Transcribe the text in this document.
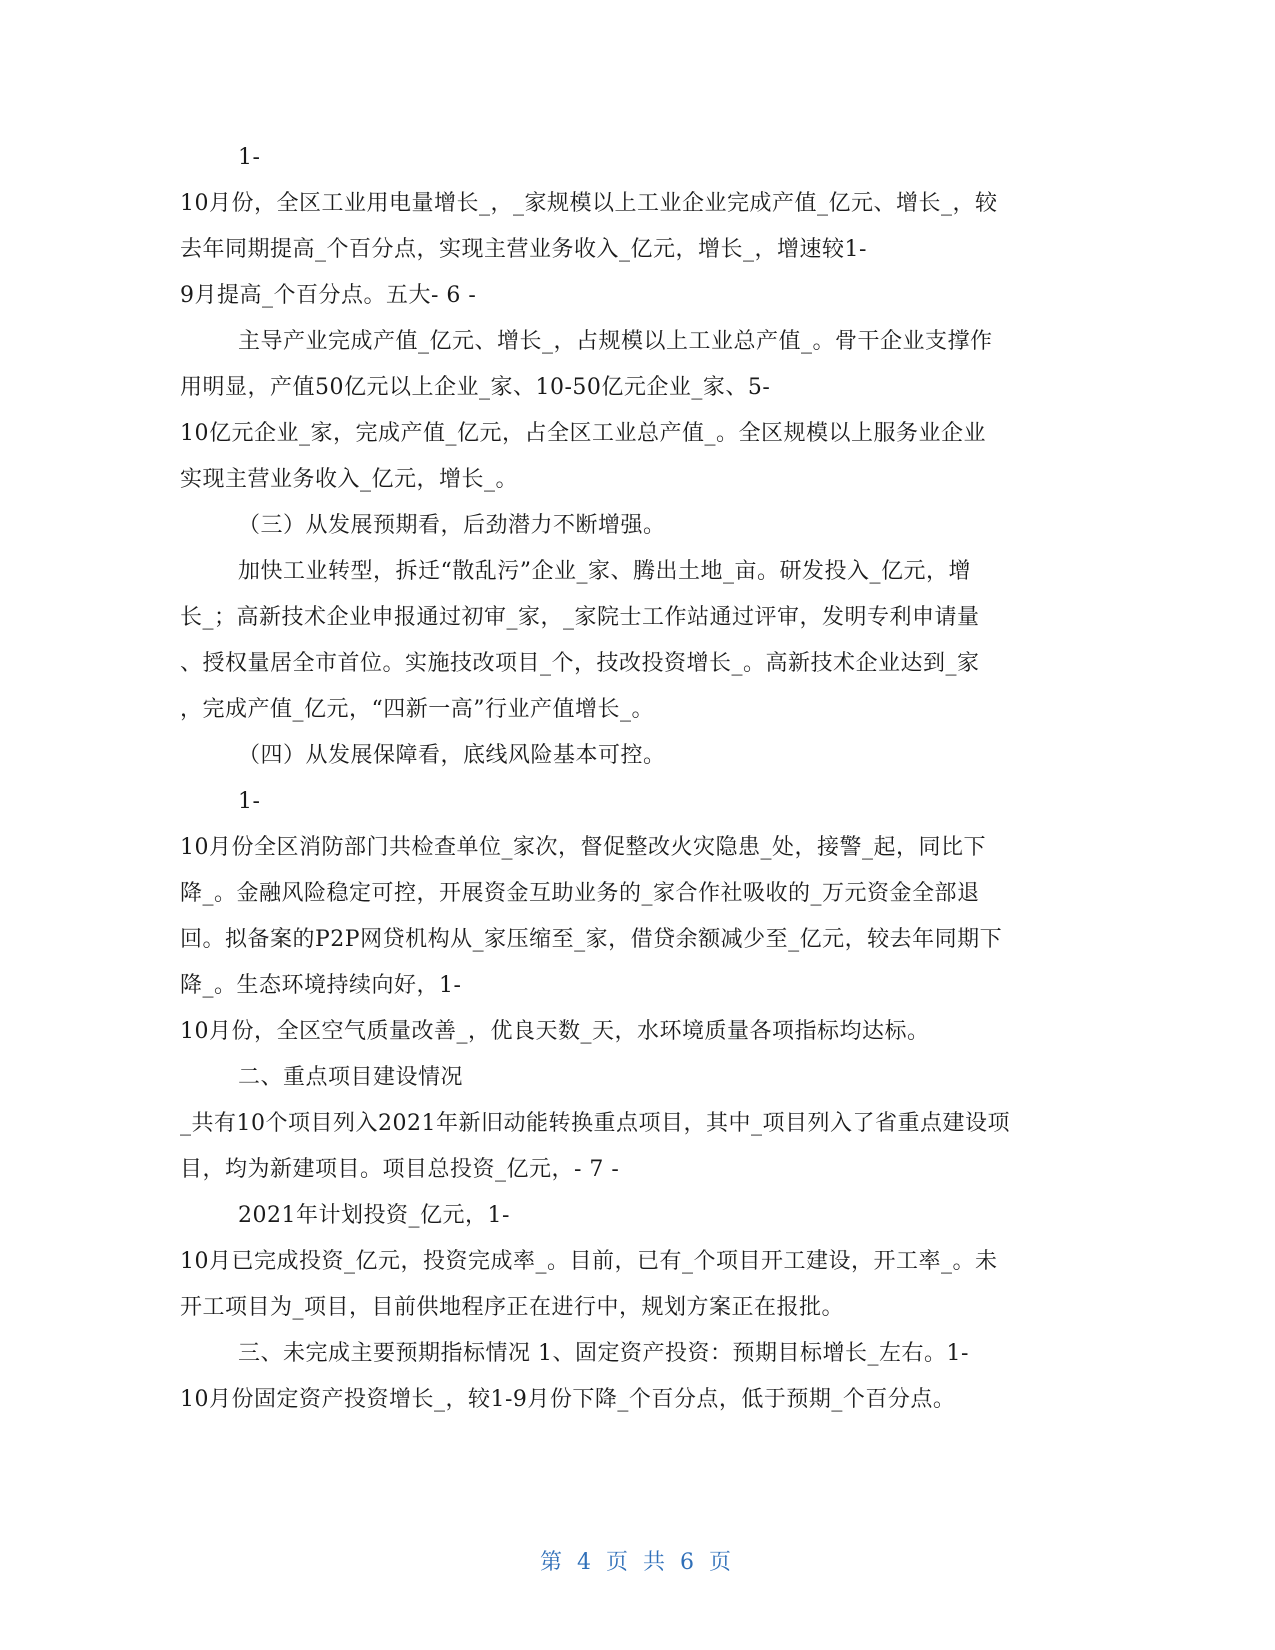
1-
10月份，全区工业用电量增长_，_家规模以上工业企业完成产值_亿元、增长_，较
去年同期提高_个百分点，实现主营业务收入_亿元，增长_，增速较1-
9月提高_个百分点。五大- 6 -
主导产业完成产值_亿元、增长_，占规模以上工业总产值_。骨干企业支撑作
用明显，产值50亿元以上企业_家、10-50亿元企业_家、5-
10亿元企业_家，完成产值_亿元，占全区工业总产值_。全区规模以上服务业企业
实现主营业务收入_亿元，增长_。
（三）从发展预期看，后劲潜力不断增强。
加快工业转型，拆迁“散乱污”企业_家、腾出土地_亩。研发投入_亿元，增
长_；高新技术企业申报通过初审_家，_家院士工作站通过评审，发明专利申请量
、授权量居全市首位。实施技改项目_个，技改投资增长_。高新技术企业达到_家
，完成产值_亿元，“四新一高”行业产值增长_。
（四）从发展保障看，底线风险基本可控。
1-
10月份全区消防部门共检查单位_家次，督促整改火灾隐患_处，接警_起，同比下
降_。金融风险稳定可控，开展资金互助业务的_家合作社吸收的_万元资金全部退
回。拟备案的P2P网贷机构从_家压缩至_家，借贷余额减少至_亿元，较去年同期下
降_。生态环境持续向好，1-
10月份，全区空气质量改善_，优良天数_天，水环境质量各项指标均达标。
二、重点项目建设情况
_共有10个项目列入2021年新旧动能转换重点项目，其中_项目列入了省重点建设项
目，均为新建项目。项目总投资_亿元，- 7 -
2021年计划投资_亿元，1-
10月已完成投资_亿元，投资完成率_。目前，已有_个项目开工建设，开工率_。未
开工项目为_项目，目前供地程序正在进行中，规划方案正在报批。
三、未完成主要预期指标情况 1、固定资产投资：预期目标增长_左右。1-
10月份固定资产投资增长_，较1-9月份下降_个百分点，低于预期_个百分点。
第 4 页 共 6 页
